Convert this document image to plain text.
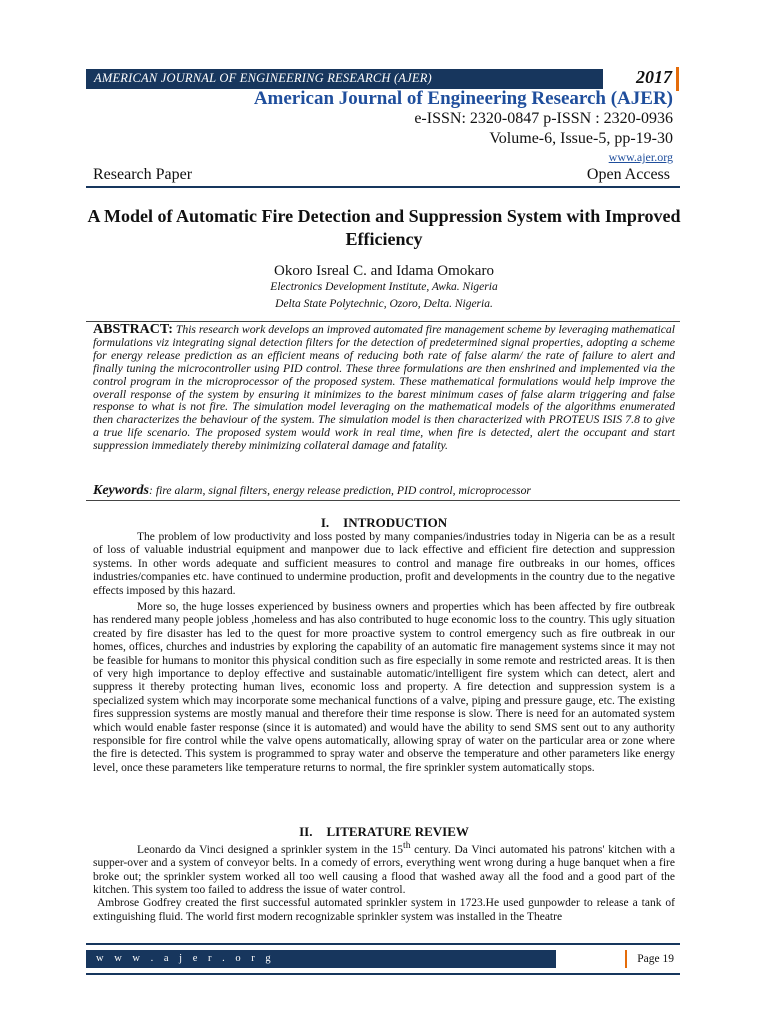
AMERICAN JOURNAL OF ENGINEERING RESEARCH (AJER)	2017
American Journal of Engineering Research (AJER)
e-ISSN: 2320-0847 p-ISSN : 2320-0936
Volume-6, Issue-5, pp-19-30
www.ajer.org
Research Paper	Open Access
A Model of Automatic Fire Detection and Suppression System with Improved Efficiency
Okoro Isreal C. and Idama Omokaro
Electronics Development Institute, Awka. Nigeria
Delta State Polytechnic, Ozoro, Delta. Nigeria.
ABSTRACT: This research work develops an improved automated fire management scheme by leveraging mathematical formulations viz integrating signal detection filters for the detection of predetermined signal properties, adopting a scheme for energy release prediction as an efficient means of reducing both rate of false alarm/ the rate of failure to alert and finally tuning the microcontroller using PID control. These three formulations are then enshrined and implemented via the control program in the microprocessor of the proposed system. These mathematical formulations would help improve the overall response of the system by ensuring it minimizes to the barest minimum cases of false alarm triggering and false response to what is not fire. The simulation model leveraging on the mathematical models of the algorithms enumerated then characterizes the behaviour of the system. The simulation model is then characterized with PROTEUS ISIS 7.8 to give a true life scenario. The proposed system would work in real time, when fire is detected, alert the occupant and start suppression immediately thereby minimizing collateral damage and fatality.
Keywords: fire alarm, signal filters, energy release prediction, PID control, microprocessor
I. INTRODUCTION
The problem of low productivity and loss posted by many companies/industries today in Nigeria can be as a result of loss of valuable industrial equipment and manpower due to lack effective and efficient fire detection and suppression systems. In other words adequate and sufficient measures to control and manage fire outbreaks in our homes, offices industries/companies etc. have continued to undermine production, profit and developments in the country due to the negative effects imposed by this hazard.
More so, the huge losses experienced by business owners and properties which has been affected by fire outbreak has rendered many people jobless ,homeless and has also contributed to huge economic loss to the country. This ugly situation created by fire disaster has led to the quest for more proactive system to control emergency such as fire outbreak in our homes, offices, churches and industries by exploring the capability of an automatic fire management systems since it may not be feasible for humans to monitor this physical condition such as fire especially in some remote and restricted areas. It is then of very high importance to deploy effective and sustainable automatic/intelligent fire system which can detect, alert and suppress it thereby protecting human lives, economic loss and property. A fire detection and suppression system is a specialized system which may incorporate some mechanical functions of a valve, piping and pressure gauge, etc. The existing fires suppression systems are mostly manual and therefore their time response is slow. There is need for an automated system which would enable faster response (since it is automated) and would have the ability to send SMS sent out to any authority responsible for fire control while the valve opens automatically, allowing spray of water on the particular area or zone where the fire is detected. This system is programmed to spray water and observe the temperature and other parameters like energy level, once these parameters like temperature returns to normal, the fire sprinkler system automatically stops.
II. LITERATURE REVIEW
Leonardo da Vinci designed a sprinkler system in the 15th century. Da Vinci automated his patrons' kitchen with a supper-over and a system of conveyor belts. In a comedy of errors, everything went wrong during a huge banquet when a fire broke out; the sprinkler system worked all too well causing a flood that washed away all the food and a good part of the kitchen. This system too failed to address the issue of water control.
Ambrose Godfrey created the first successful automated sprinkler system in 1723.He used gunpowder to release a tank of extinguishing fluid. The world first modern recognizable sprinkler system was installed in the Theatre
w w w . a j e r . o r g	Page 19
